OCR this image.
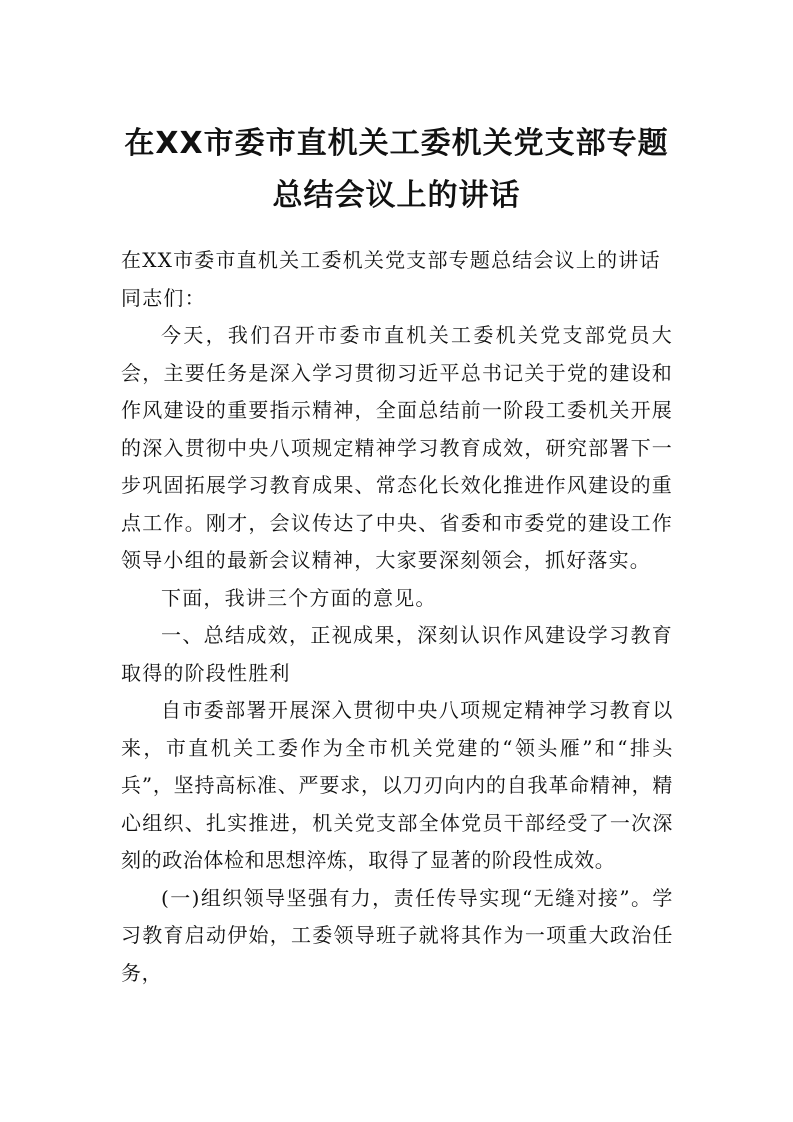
在XX市委市直机关工委机关党支部专题总结会议上的讲话

在XX市委市直机关工委机关党支部专题总结会议上的讲话

同志们：

今天，我们召开市委市直机关工委机关党支部党员大会，主要任务是深入学习贯彻习近平总书记关于党的建设和作风建设的重要指示精神，全面总结前一阶段工委机关开展的深入贯彻中央八项规定精神学习教育成效，研究部署下一步巩固拓展学习教育成果、常态化长效化推进作风建设的重点工作。刚才，会议传达了中央、省委和市委党的建设工作领导小组的最新会议精神，大家要深刻领会，抓好落实。

下面，我讲三个方面的意见。

一、总结成效，正视成果，深刻认识作风建设学习教育取得的阶段性胜利

自市委部署开展深入贯彻中央八项规定精神学习教育以来，市直机关工委作为全市机关党建的“领头雁”和“排头兵”，坚持高标准、严要求，以刀刃向内的自我革命精神，精心组织、扎实推进，机关党支部全体党员干部经受了一次深刻的政治体检和思想淬炼，取得了显著的阶段性成效。

(一)组织领导坚强有力，责任传导实现“无缝对接”。学习教育启动伊始，工委领导班子就将其作为一项重大政治任务，
